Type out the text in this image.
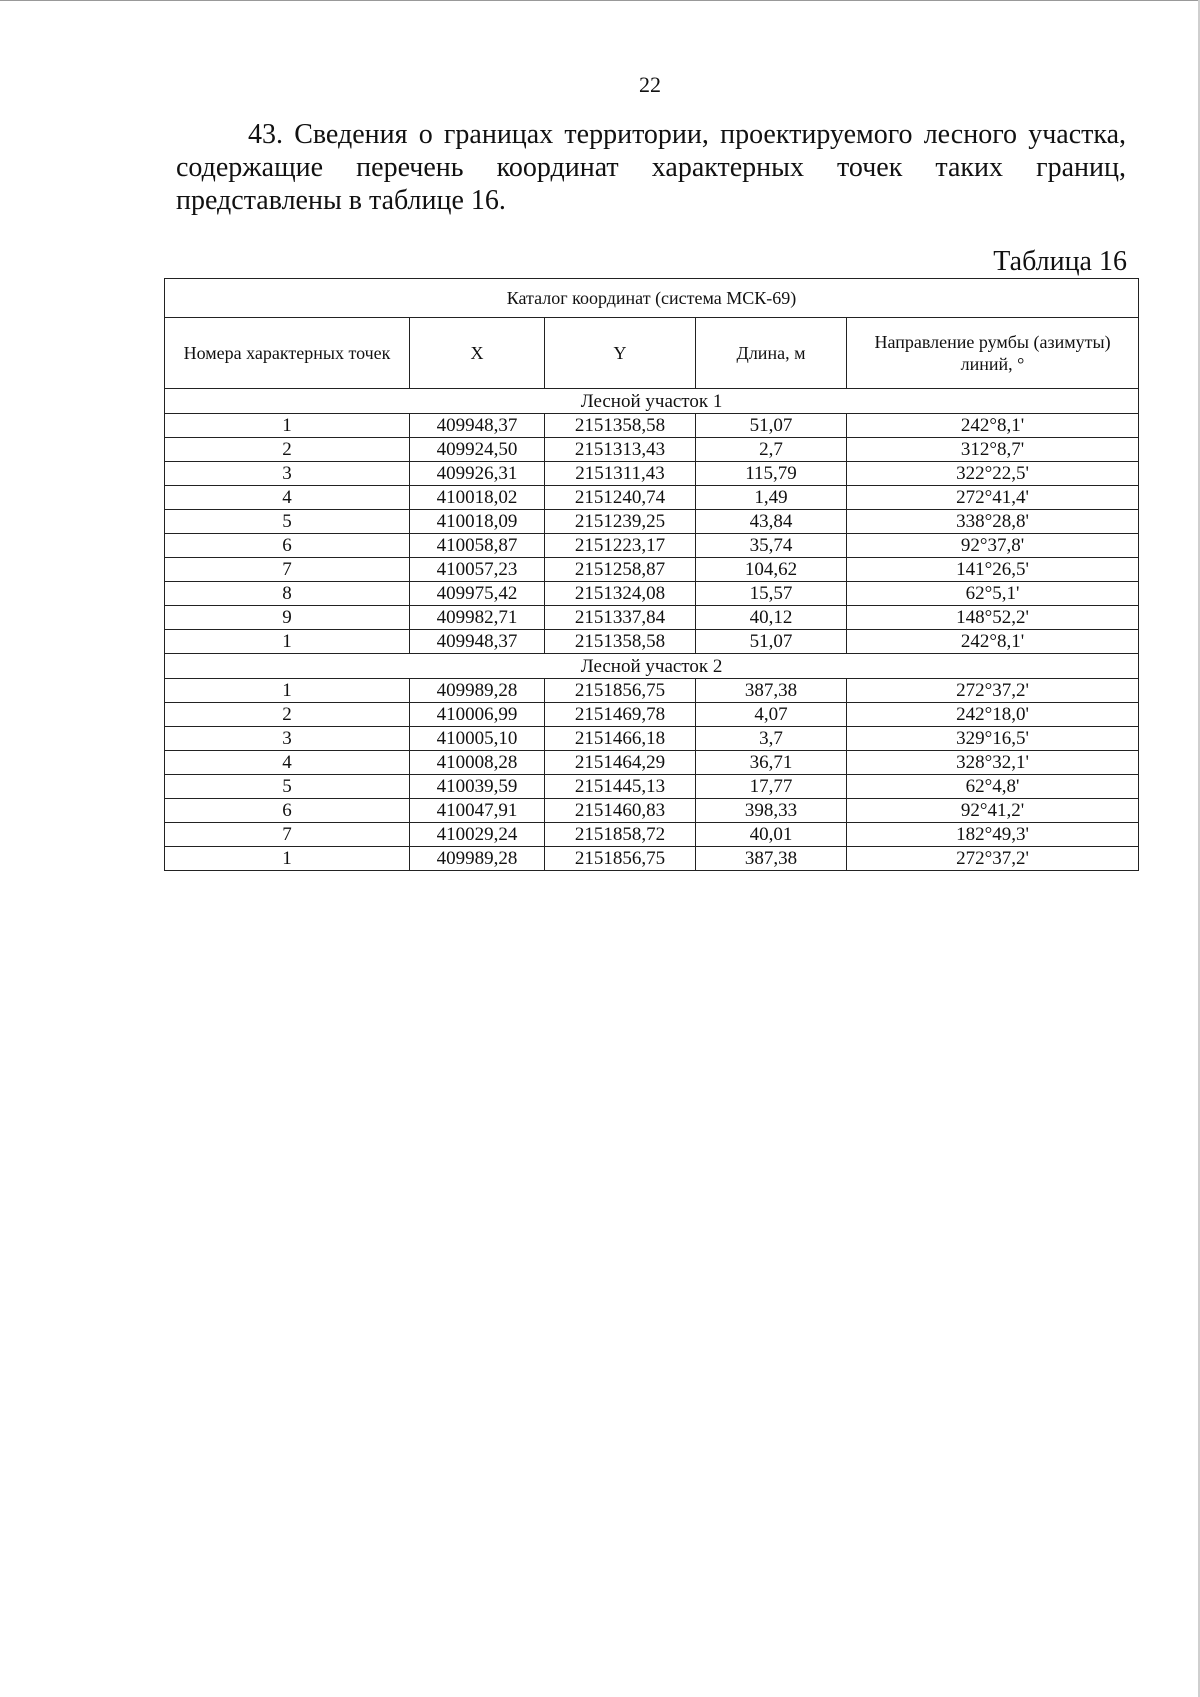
22
43. Сведения о границах территории, проектируемого лесного участка,
содержащие перечень координат характерных точек таких границ,
представлены в таблице 16.
Таблица 16
Каталог координат (система МСК-69)				
Номера характерных точек	X	Y	Длина, м	Направление румбы (азимуты) линий, °
Лесной участок 1				
1	409948,37	2151358,58	51,07	242°8,1'
2	409924,50	2151313,43	2,7	312°8,7'
3	409926,31	2151311,43	115,79	322°22,5'
4	410018,02	2151240,74	1,49	272°41,4'
5	410018,09	2151239,25	43,84	338°28,8'
6	410058,87	2151223,17	35,74	92°37,8'
7	410057,23	2151258,87	104,62	141°26,5'
8	409975,42	2151324,08	15,57	62°5,1'
9	409982,71	2151337,84	40,12	148°52,2'
1	409948,37	2151358,58	51,07	242°8,1'
Лесной участок 2				
1	409989,28	2151856,75	387,38	272°37,2'
2	410006,99	2151469,78	4,07	242°18,0'
3	410005,10	2151466,18	3,7	329°16,5'
4	410008,28	2151464,29	36,71	328°32,1'
5	410039,59	2151445,13	17,77	62°4,8'
6	410047,91	2151460,83	398,33	92°41,2'
7	410029,24	2151858,72	40,01	182°49,3'
1	409989,28	2151856,75	387,38	272°37,2'
